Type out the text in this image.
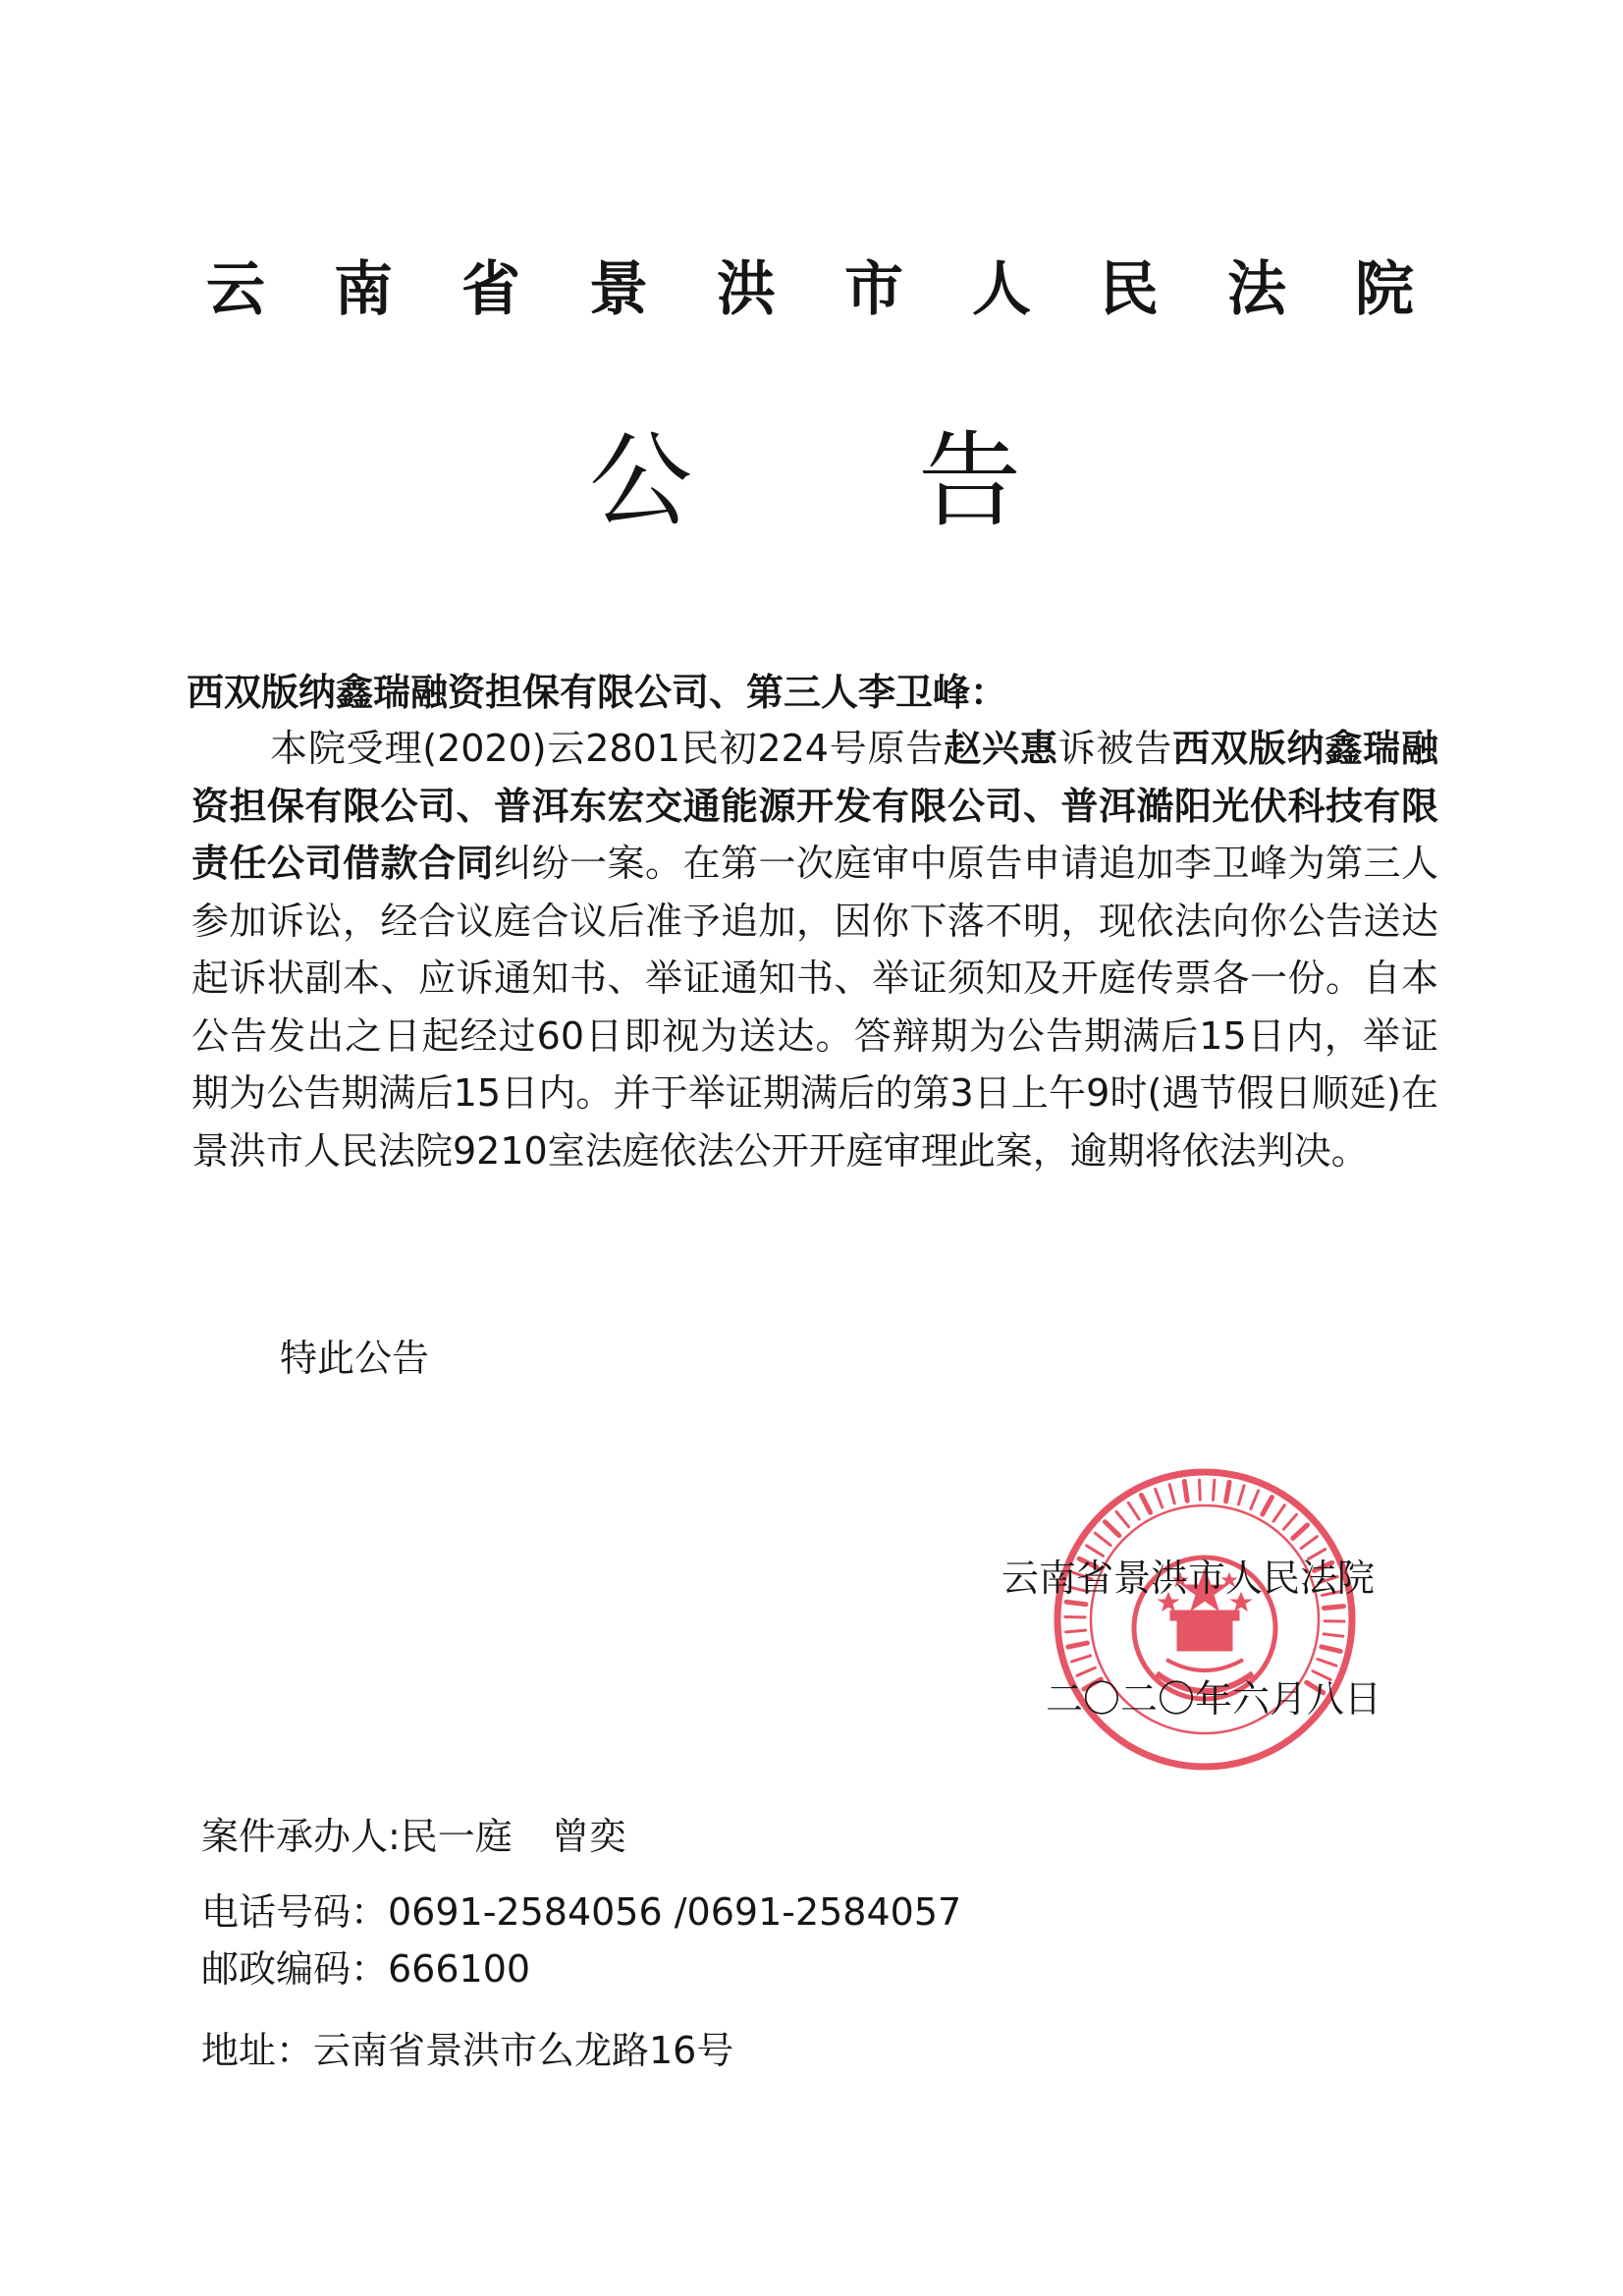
云 南 省 景 洪 市 人 民 法 院
公 告
西双版纳鑫瑞融资担保有限公司、第三人李卫峰：
本院受理(2020)云2801民初224号原告赵兴惠诉被告西双版纳鑫瑞融资担保有限公司、普洱东宏交通能源开发有限公司、普洱澔阳光伏科技有限责任公司借款合同纠纷一案。在第一次庭审中原告申请追加李卫峰为第三人参加诉讼，经合议庭合议后准予追加，因你下落不明，现依法向你公告送达起诉状副本、应诉通知书、举证通知书、举证须知及开庭传票各一份。自本公告发出之日起经过60日即视为送达。答辩期为公告期满后15日内，举证期为公告期满后15日内。并于举证期满后的第3日上午9时(遇节假日顺延)在景洪市人民法院9210室法庭依法公开开庭审理此案，逾期将依法判决。
特此公告
云南省景洪市人民法院
二〇二〇年六月八日
案件承办人:民一庭 曾奕
电话号码：0691-2584056 /0691-2584057
邮政编码：666100
地址：云南省景洪市么龙路16号
